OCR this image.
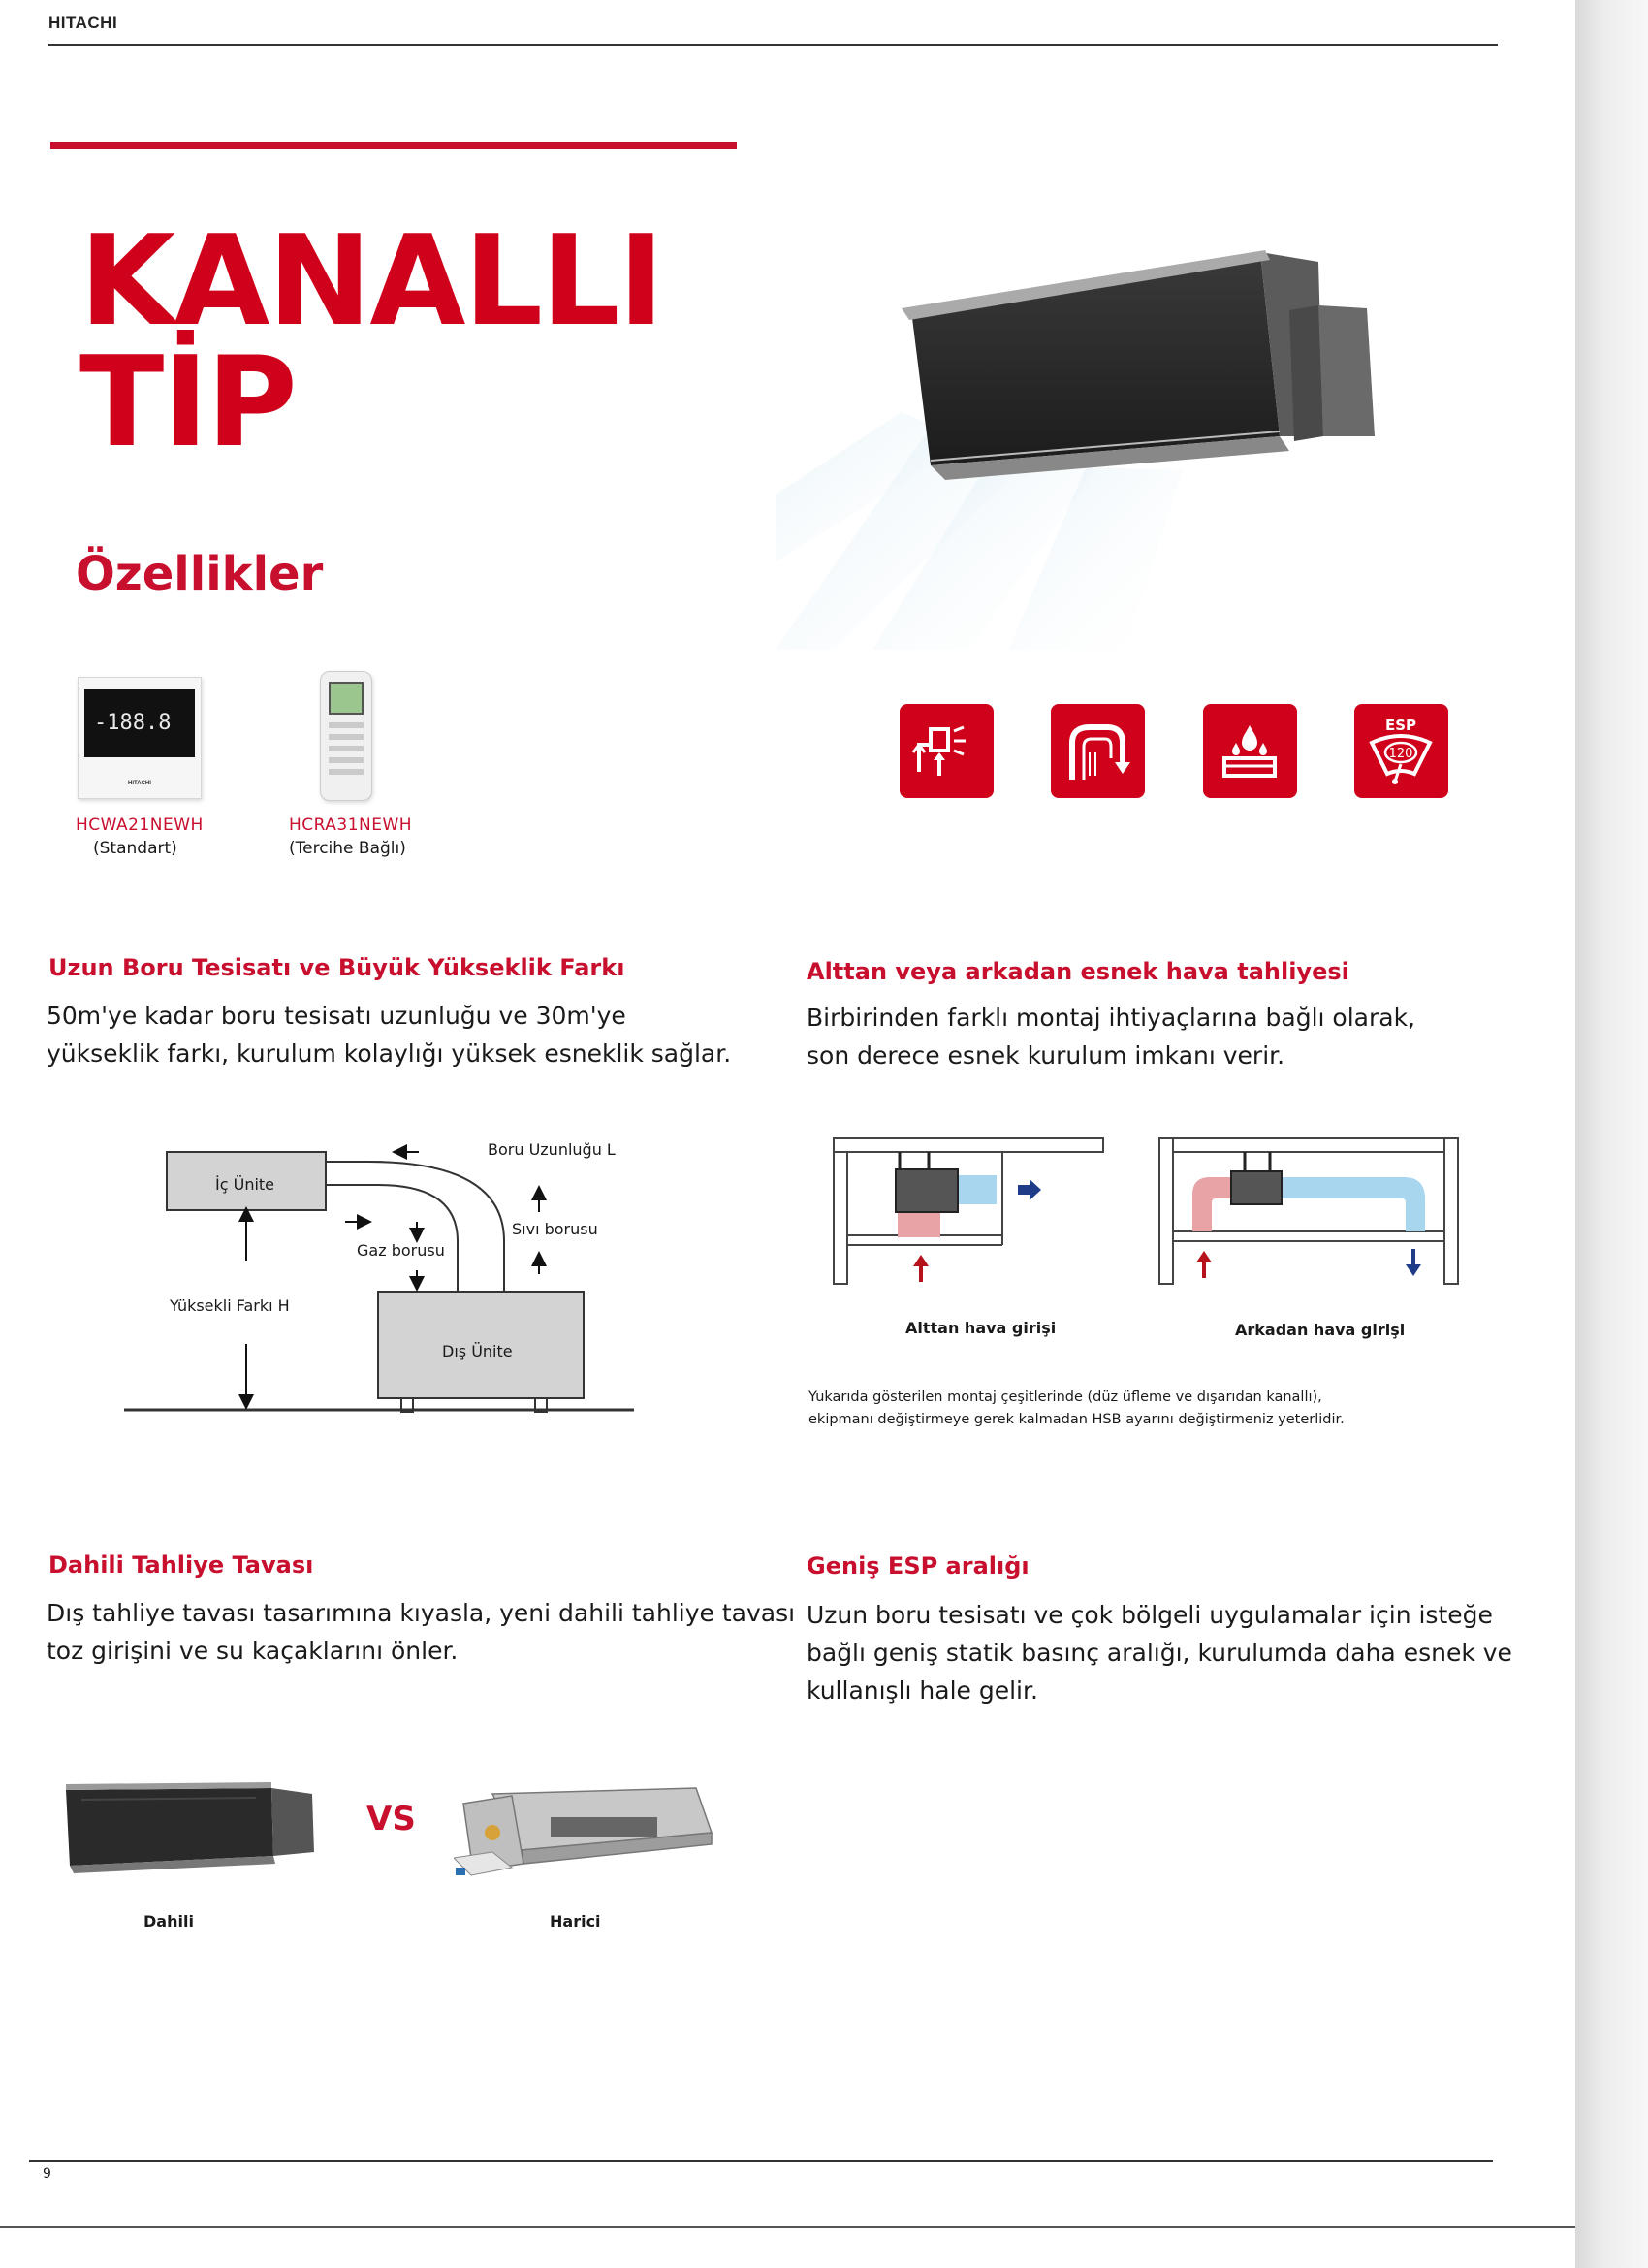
HITACHI
KANALLI
TİP
Özellikler
-188.8
HITACHI
HCWA21NEWH
(Standart)
HCRA31NEWH
(Tercihe Bağlı)
ESP
120
Uzun Boru Tesisatı ve Büyük Yükseklik Farkı
50m'ye kadar boru tesisatı uzunluğu ve 30m'ye
yükseklik farkı, kurulum kolaylığı yüksek esneklik sağlar.
Alttan veya arkadan esnek hava tahliyesi
Birbirinden farklı montaj ihtiyaçlarına bağlı olarak,
son derece esnek kurulum imkanı verir.
İç Ünite
Dış Ünite
Boru Uzunluğu L
Sıvı borusu
Gaz borusu
Yüksekli Farkı H
Alttan hava girişi	Arkadan hava girişi
Yukarıda gösterilen montaj çeşitlerinde (düz üfleme ve dışarıdan kanallı),
ekipmanı değiştirmeye gerek kalmadan HSB ayarını değiştirmeniz yeterlidir.
Dahili Tahliye Tavası
Dış tahliye tavası tasarımına kıyasla, yeni dahili tahliye tavası
toz girişini ve su kaçaklarını önler.
Geniş ESP aralığı
Uzun boru tesisatı ve çok bölgeli uygulamalar için isteğe
bağlı geniş statik basınç aralığı, kurulumda daha esnek ve
kullanışlı hale gelir.
VS
Dahili	Harici
9
